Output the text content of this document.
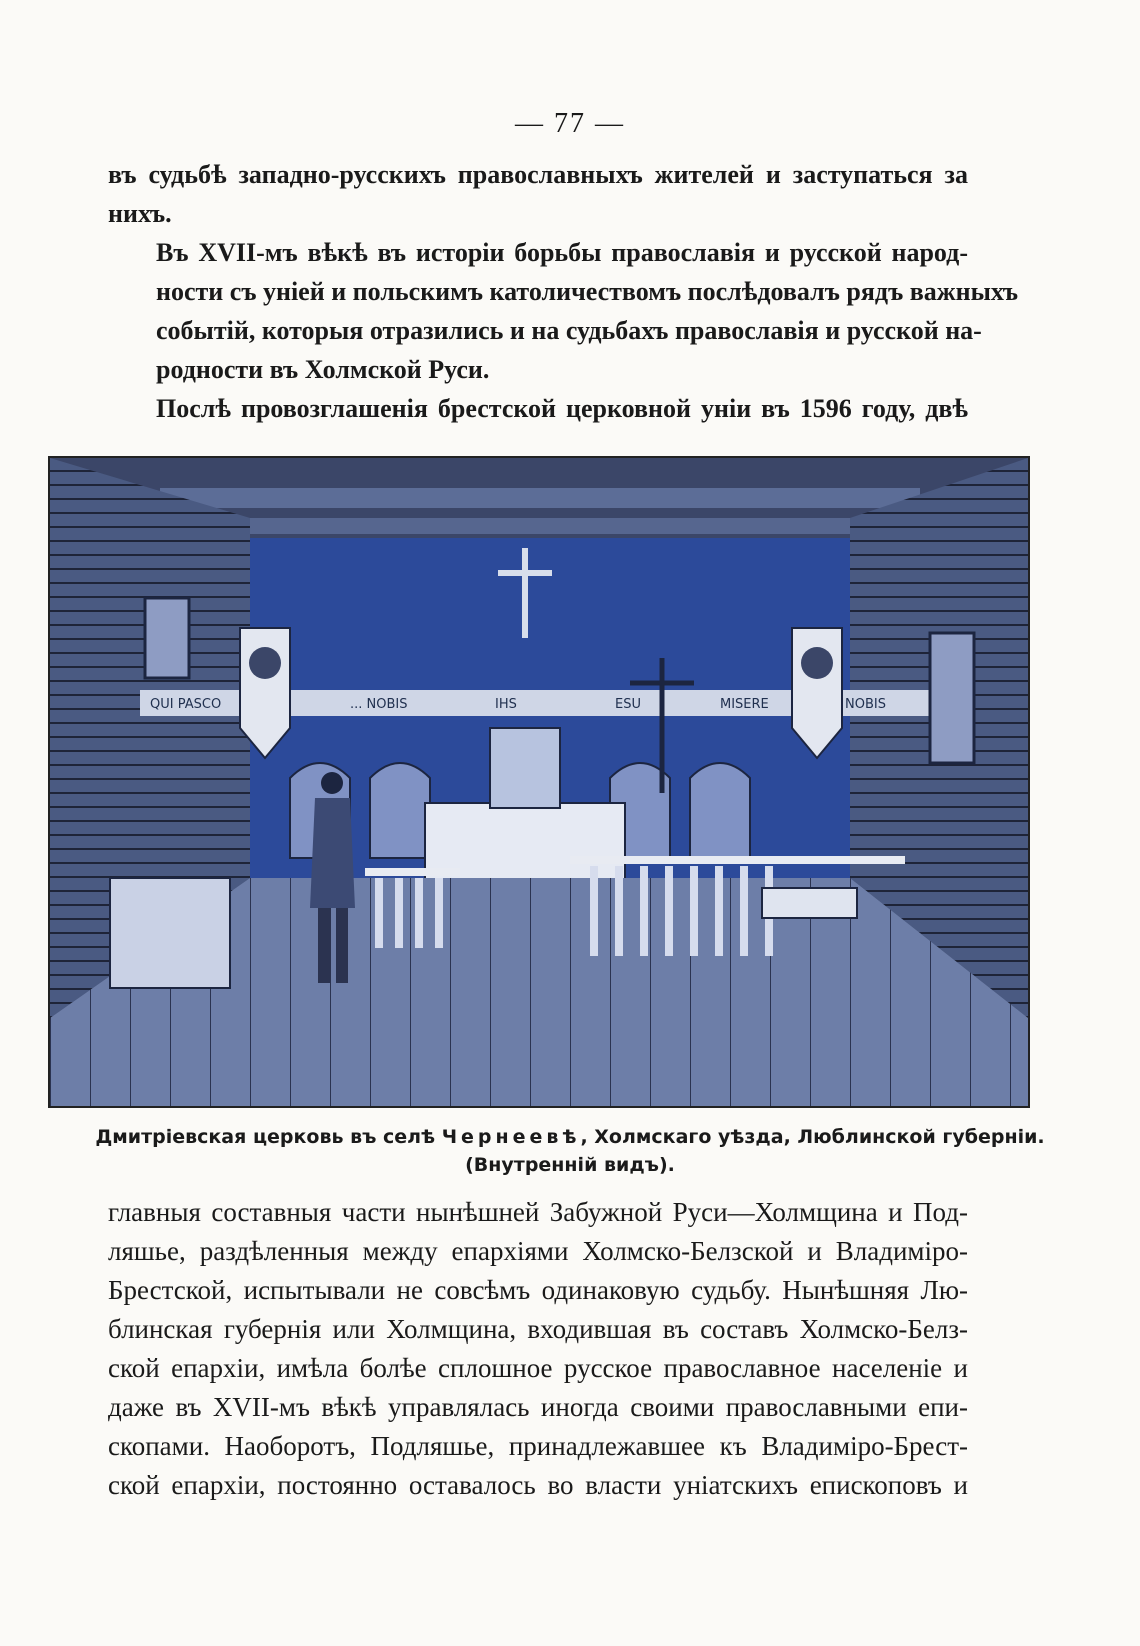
— 77 —

въ судьбѣ западно-русскихъ православныхъ жителей и заступаться за
нихъ.

Въ XVII-мъ вѣкѣ въ исторіи борьбы православія и русской народ-
ности съ уніей и польскимъ католичествомъ послѣдовалъ рядъ важныхъ
событій, которыя отразились и на судьбахъ православія и русской на-
родности въ Холмской Руси.

Послѣ провозглашенія брестской церковной уніи въ 1596 году, двѣ

QUI PASCO	... NOBIS	IHS	ESU	MISERE	NOBIS
Дмитріевская церковь въ селѣ Чернеевѣ, Холмскаго уѣзда, Люблинской губерніи.
(Внутренній видъ).
главныя составныя части нынѣшней Забужной Руси—Холмщина и Под-
ляшье, раздѣленныя между епархіями Холмско-Белзской и Владиміро-
Брестской, испытывали не совсѣмъ одинаковую судьбу. Нынѣшняя Лю-
блинская губернія или Холмщина, входившая въ составъ Холмско-Белз-
ской епархіи, имѣла болѣе сплошное русское православное населеніе и
даже въ XVII-мъ вѣкѣ управлялась иногда своими православными епи-
скопами. Наоборотъ, Подляшье, принадлежавшее къ Владиміро-Брест-
ской епархіи, постоянно оставалось во власти уніатскихъ епископовъ и
